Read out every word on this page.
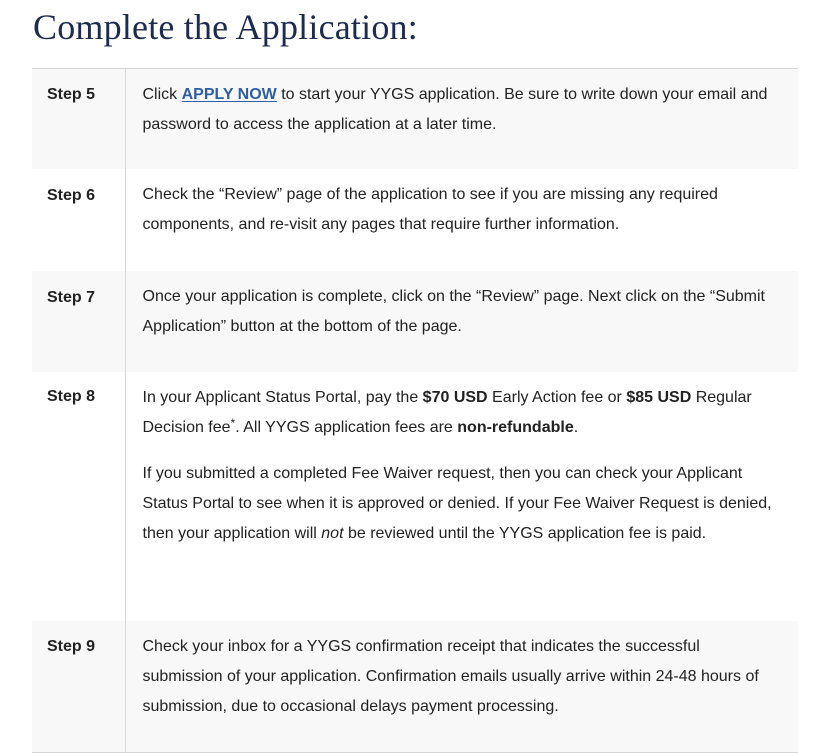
Complete the Application:
Step 5	Click APPLY NOW to start your YYGS application. Be sure to write down your email and password to access the application at a later time.
Step 6	Check the “Review” page of the application to see if you are missing any required components, and re-visit any pages that require further information.
Step 7	Once your application is complete, click on the “Review” page. Next click on the “Submit Application” button at the bottom of the page.
Step 8	In your Applicant Status Portal, pay the $70 USD Early Action fee or $85 USD Regular Decision fee*. All YYGS application fees are non-refundable.

If you submitted a completed Fee Waiver request, then you can check your Applicant Status Portal to see when it is approved or denied. If your Fee Waiver Request is denied, then your application will not be reviewed until the YYGS application fee is paid.

Step 9	Check your inbox for a YYGS confirmation receipt that indicates the successful submission of your application. Confirmation emails usually arrive within 24-48 hours of submission, due to occasional delays payment processing.
